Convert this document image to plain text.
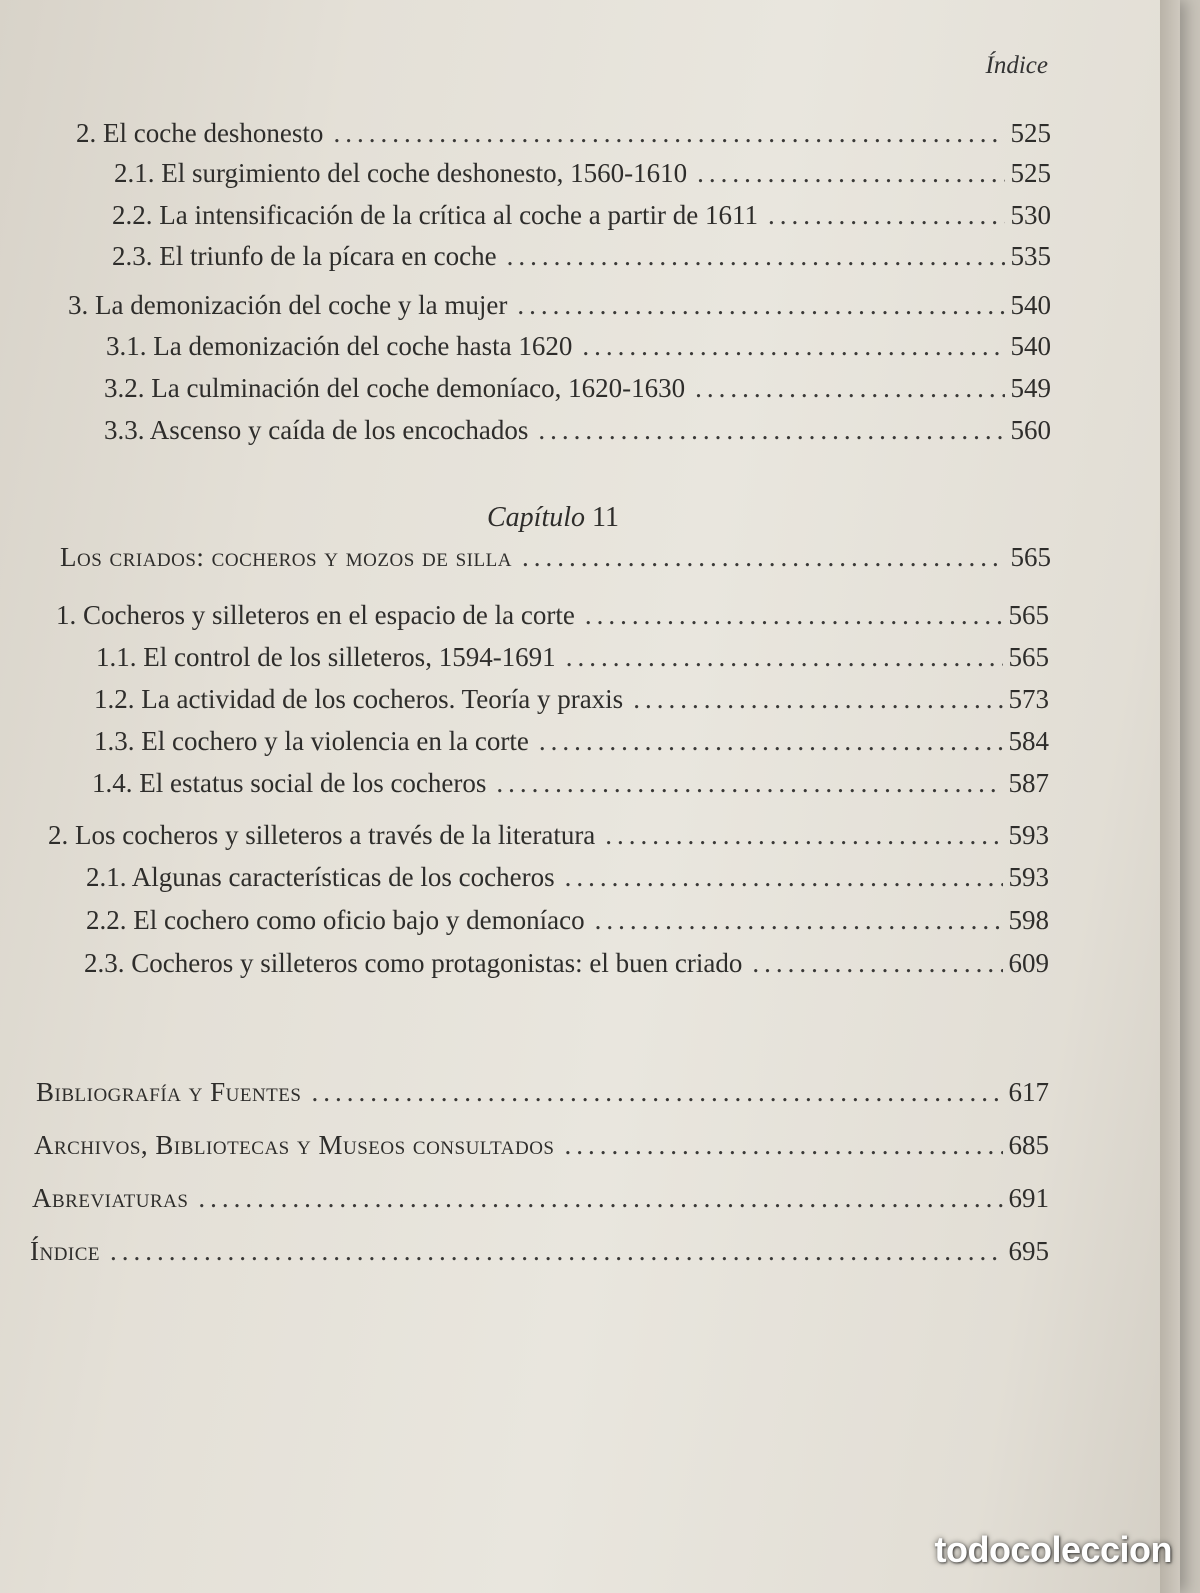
Índice
2. El coche deshonesto .....	525
2.1. El surgimiento del coche deshonesto, 1560-1610 .....	525
2.2. La intensificación de la crítica al coche a partir de 1611 .....	530
2.3. El triunfo de la pícara en coche .....	535
3. La demonización del coche y la mujer .....	540
3.1. La demonización del coche hasta 1620 .....	540
3.2. La culminación del coche demoníaco, 1620-1630 .....	549
3.3. Ascenso y caída de los encochados .....	560
Capítulo 11
Los criados: cocheros y mozos de silla .....	565
1. Cocheros y silleteros en el espacio de la corte .....	565
1.1. El control de los silleteros, 1594-1691 .....	565
1.2. La actividad de los cocheros. Teoría y praxis .....	573
1.3. El cochero y la violencia en la corte .....	584
1.4. El estatus social de los cocheros .....	587
2. Los cocheros y silleteros a través de la literatura .....	593
2.1. Algunas características de los cocheros .....	593
2.2. El cochero como oficio bajo y demoníaco .....	598
2.3. Cocheros y silleteros como protagonistas: el buen criado .....	609
Bibliografía y Fuentes .....	617
Archivos, Bibliotecas y Museos consultados .....	685
Abreviaturas .....	691
Índice .....	695
todocoleccion
